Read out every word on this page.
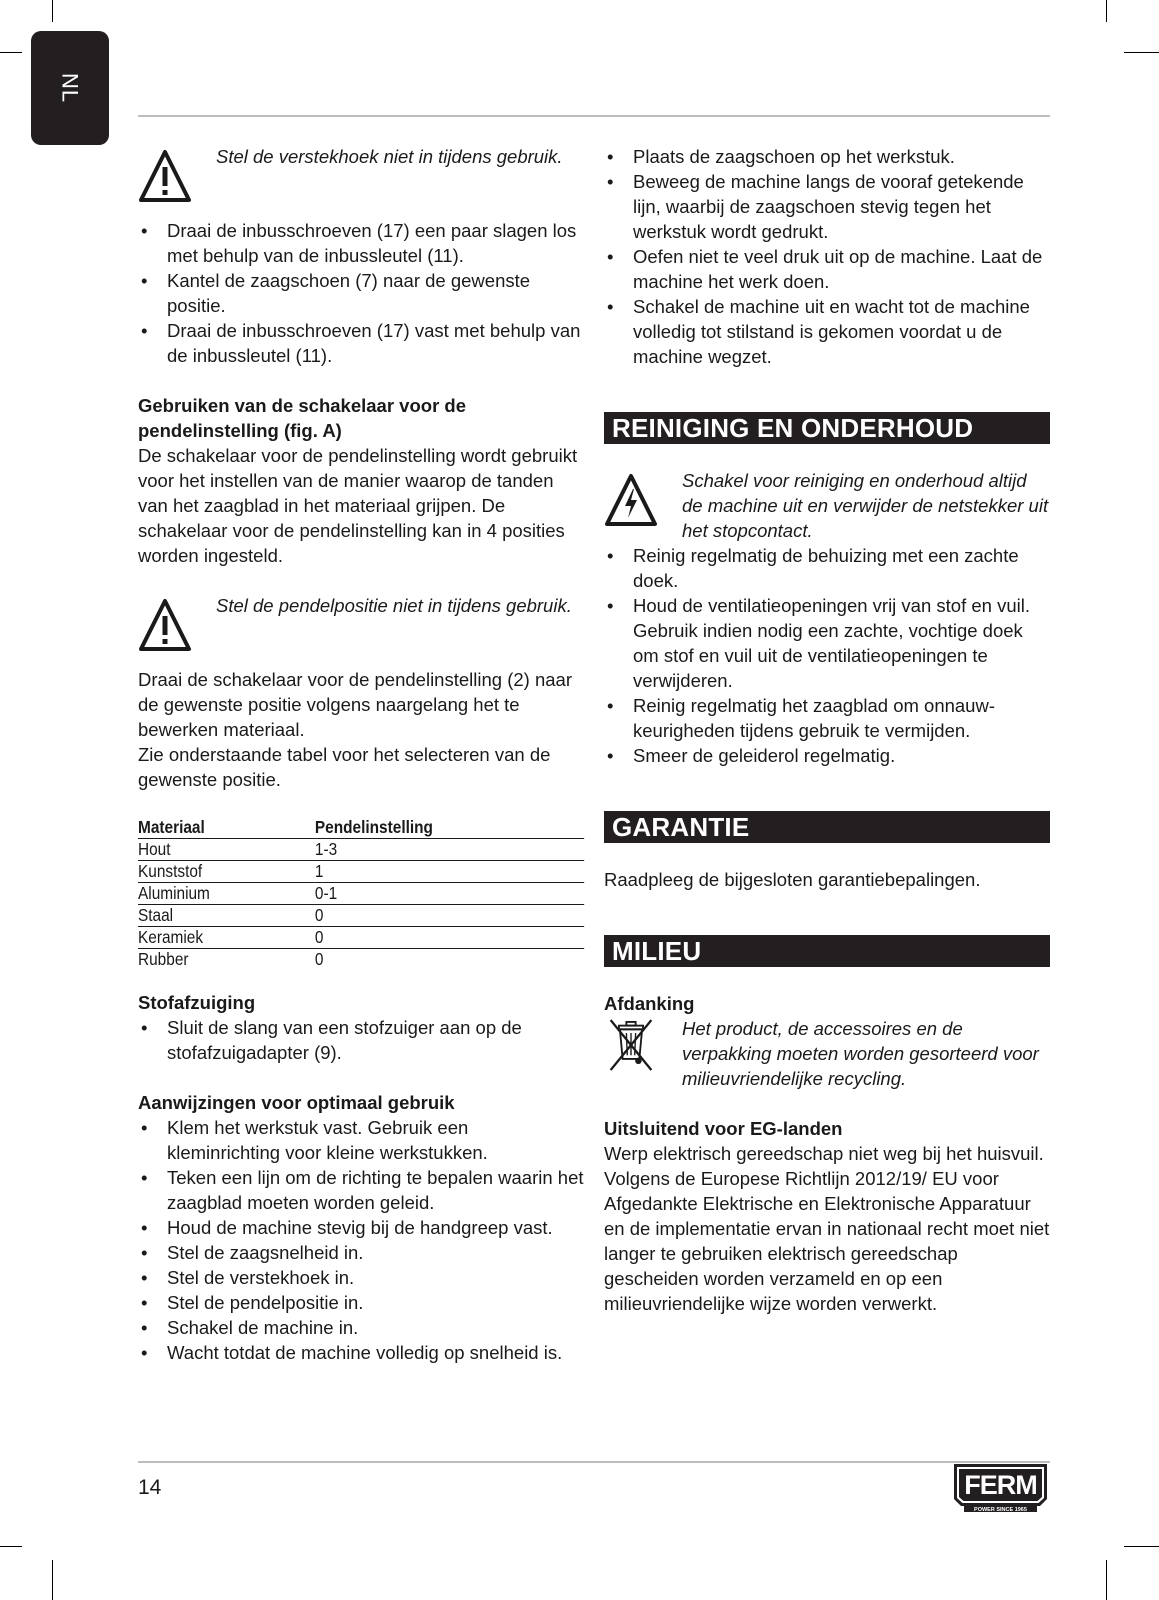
NL
Stel de verstekhoek niet in tijdens gebruik.
• Draai de inbusschroeven (17) een paar slagen los met behulp van de inbussleutel (11).
• Kantel de zaagschoen (7) naar de gewenste positie.
• Draai de inbusschroeven (17) vast met behulp van de inbussleutel (11).
Gebruiken van de schakelaar voor de pendelinstelling (fig. A)
De schakelaar voor de pendelinstelling wordt gebruikt voor het instellen van de manier waarop de tanden van het zaagblad in het materiaal grijpen. De schakelaar voor de pendelinstelling kan in 4 posities worden ingesteld.
Stel de pendelpositie niet in tijdens gebruik.
Draai de schakelaar voor de pendelinstelling (2) naar de gewenste positie volgens naargelang het te bewerken materiaal.
Zie onderstaande tabel voor het selecteren van de gewenste positie.
Materiaal	Pendelinstelling
Hout	1-3
Kunststof	1
Aluminium	0-1
Staal	0
Keramiek	0
Rubber	0
Stofafzuiging
• Sluit de slang van een stofzuiger aan op de stofafzuigadapter (9).
Aanwijzingen voor optimaal gebruik
• Klem het werkstuk vast. Gebruik een kleminrichting voor kleine werkstukken.
• Teken een lijn om de richting te bepalen waarin het zaagblad moeten worden geleid.
• Houd de machine stevig bij de handgreep vast.
• Stel de zaagsnelheid in.
• Stel de verstekhoek in.
• Stel de pendelpositie in.
• Schakel de machine in.
• Wacht totdat de machine volledig op snelheid is.
• Plaats de zaagschoen op het werkstuk.
• Beweeg de machine langs de vooraf getekende lijn, waarbij de zaagschoen stevig tegen het werkstuk wordt gedrukt.
• Oefen niet te veel druk uit op de machine. Laat de machine het werk doen.
• Schakel de machine uit en wacht tot de machine volledig tot stilstand is gekomen voordat u de machine wegzet.
REINIGING EN ONDERHOUD
Schakel voor reiniging en onderhoud altijd de machine uit en verwijder de netstekker uit het stopcontact.
• Reinig regelmatig de behuizing met een zachte doek.
• Houd de ventilatieopeningen vrij van stof en vuil. Gebruik indien nodig een zachte, vochtige doek om stof en vuil uit de ventilatieopeningen te verwijderen.
• Reinig regelmatig het zaagblad om onnauw-keurigheden tijdens gebruik te vermijden.
• Smeer de geleiderol regelmatig.
GARANTIE
Raadpleeg de bijgesloten garantiebepalingen.
MILIEU
Afdanking
Het product, de accessoires en de verpakking moeten worden gesorteerd voor milieuvriendelijke recycling.
Uitsluitend voor EG-landen
Werp elektrisch gereedschap niet weg bij het huisvuil. Volgens de Europese Richtlijn 2012/19/ EU voor Afgedankte Elektrische en Elektronische Apparatuur en de implementatie ervan in nationaal recht moet niet langer te gebruiken elektrisch gereedschap gescheiden worden verzameld en op een milieuvriendelijke wijze worden verwerkt.
14	FERM
POWER SINCE 1965
